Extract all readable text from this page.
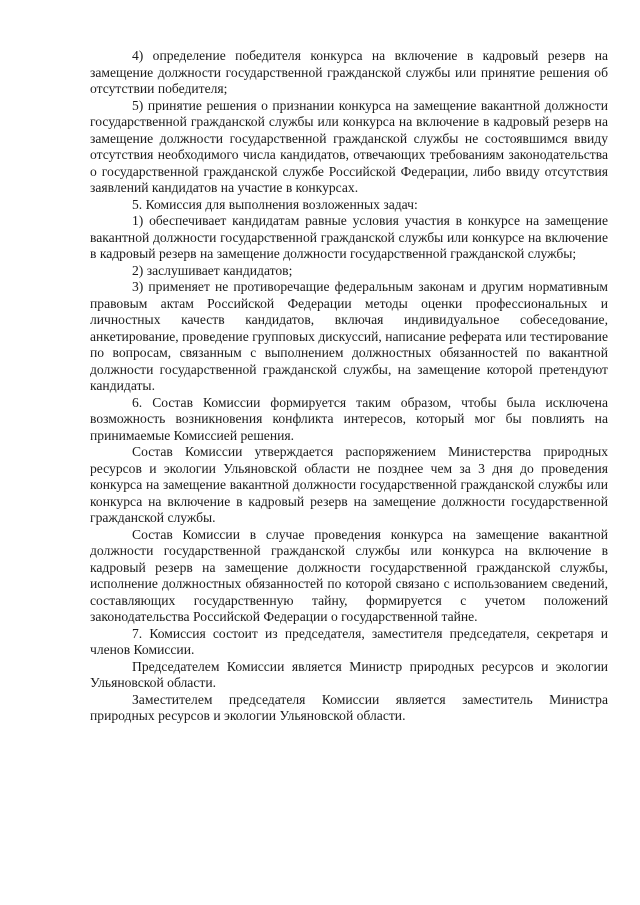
4) определение победителя конкурса на включение в кадровый резерв на замещение должности государственной гражданской службы или принятие решения об отсутствии победителя;

5) принятие решения о признании конкурса на замещение вакантной должности государственной гражданской службы или конкурса на включение в кадровый резерв на замещение должности государственной гражданской службы не состоявшимся ввиду отсутствия необходимого числа кандидатов, отвечающих требованиям законодательства о государственной гражданской службе Российской Федерации, либо ввиду отсутствия заявлений кандидатов на участие в конкурсах.

5. Комиссия для выполнения возложенных задач:

1) обеспечивает кандидатам равные условия участия в конкурсе на замещение вакантной должности государственной гражданской службы или конкурсе на включение в кадровый резерв на замещение должности государственной гражданской службы;

2) заслушивает кандидатов;

3) применяет не противоречащие федеральным законам и другим нормативным правовым актам Российской Федерации методы оценки профессиональных и личностных качеств кандидатов, включая индивидуальное собеседование, анкетирование, проведение групповых дискуссий, написание реферата или тестирование по вопросам, связанным с выполнением должностных обязанностей по вакантной должности государственной гражданской службы, на замещение которой претендуют кандидаты.

6. Состав Комиссии формируется таким образом, чтобы была исключена возможность возникновения конфликта интересов, который мог бы повлиять на принимаемые Комиссией решения.

Состав Комиссии утверждается распоряжением Министерства природных ресурсов и экологии Ульяновской области не позднее чем за 3 дня до проведения конкурса на замещение вакантной должности государственной гражданской службы или конкурса на включение в кадровый резерв на замещение должности государственной гражданской службы.

Состав Комиссии в случае проведения конкурса на замещение вакантной должности государственной гражданской службы или конкурса на включение в кадровый резерв на замещение должности государственной гражданской службы, исполнение должностных обязанностей по которой связано с использованием сведений, составляющих государственную тайну, формируется с учетом положений законодательства Российской Федерации о государственной тайне.

7. Комиссия состоит из председателя, заместителя председателя, секретаря и членов Комиссии.

Председателем Комиссии является Министр природных ресурсов и экологии Ульяновской области.

Заместителем председателя Комиссии является заместитель Министра природных ресурсов и экологии Ульяновской области.
